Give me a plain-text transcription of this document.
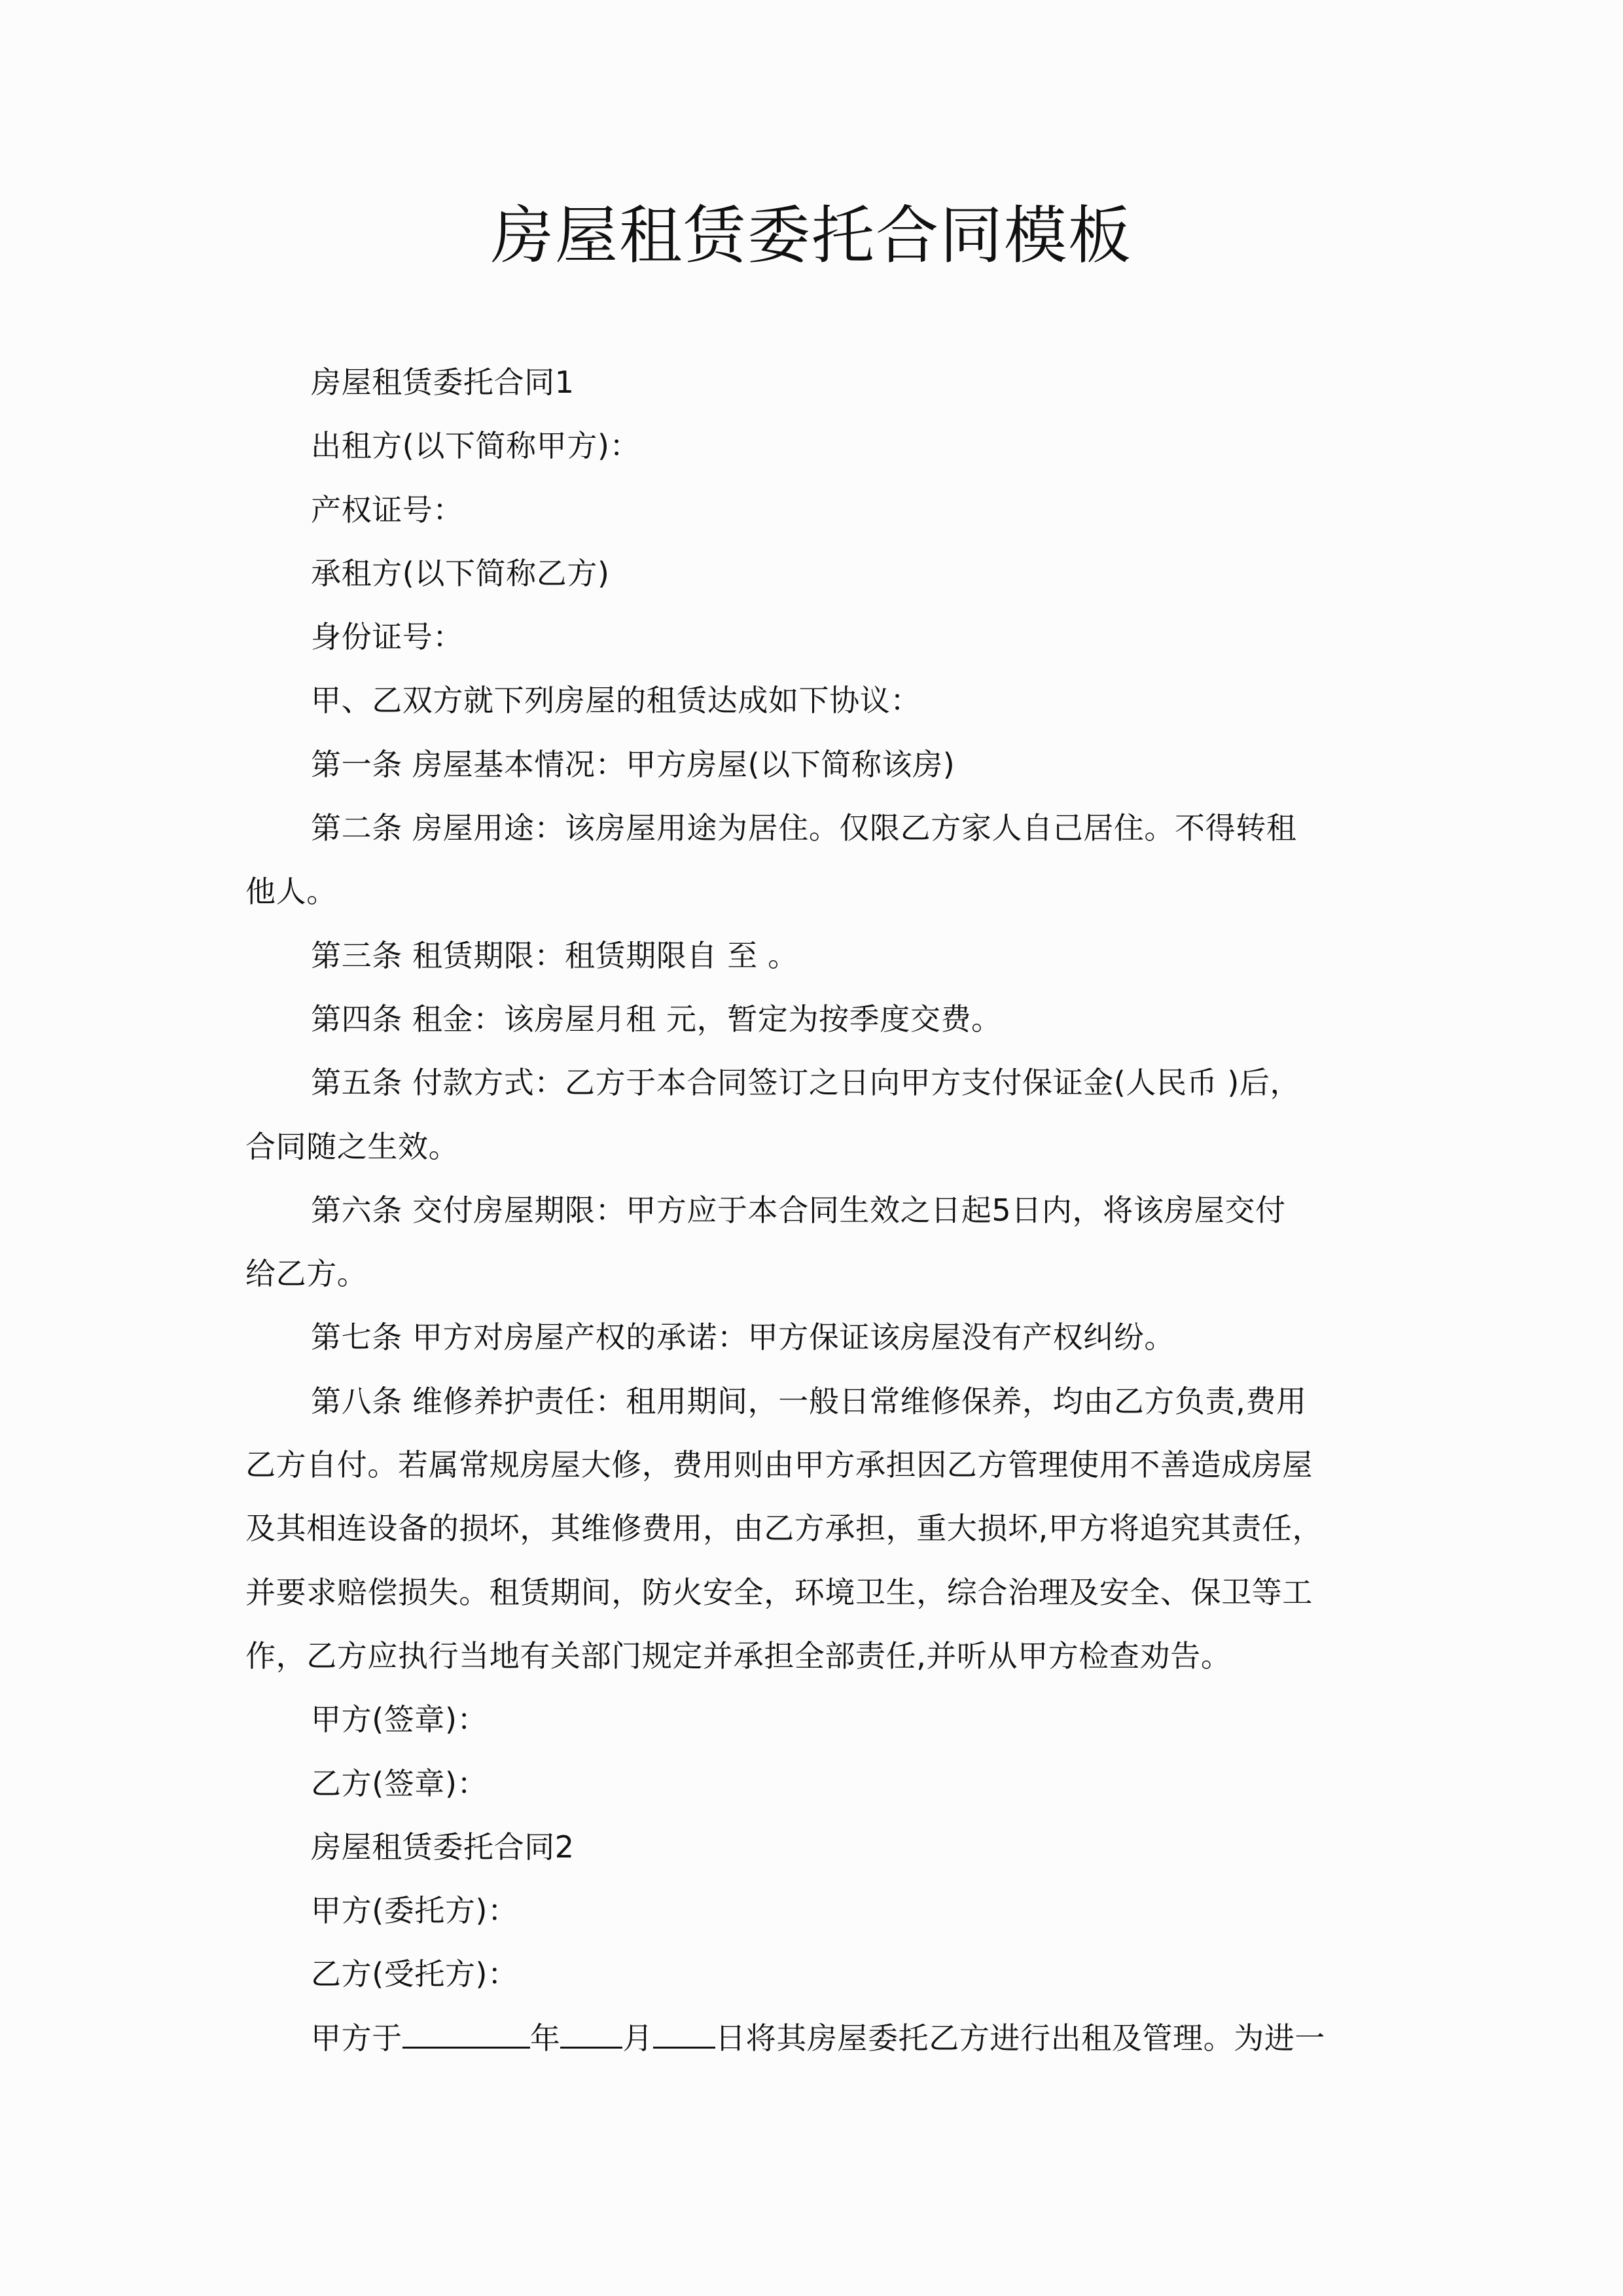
房屋租赁委托合同模板
房屋租赁委托合同1
出租方(以下简称甲方)：
产权证号：
承租方(以下简称乙方)
身份证号：
甲、乙双方就下列房屋的租赁达成如下协议：
第一条 房屋基本情况：甲方房屋(以下简称该房)
第二条 房屋用途：该房屋用途为居住。仅限乙方家人自己居住。不得转租
他人。
第三条 租赁期限：租赁期限自 至 。
第四条 租金：该房屋月租 元，暂定为按季度交费。
第五条 付款方式：乙方于本合同签订之日向甲方支付保证金(人民币 )后，
合同随之生效。
第六条 交付房屋期限：甲方应于本合同生效之日起5日内，将该房屋交付
给乙方。
第七条 甲方对房屋产权的承诺：甲方保证该房屋没有产权纠纷。
第八条 维修养护责任：租用期间，一般日常维修保养，均由乙方负责,费用
乙方自付。若属常规房屋大修，费用则由甲方承担因乙方管理使用不善造成房屋
及其相连设备的损坏，其维修费用，由乙方承担，重大损坏,甲方将追究其责任，
并要求赔偿损失。租赁期间，防火安全，环境卫生，综合治理及安全、保卫等工
作，乙方应执行当地有关部门规定并承担全部责任,并听从甲方检查劝告。
甲方(签章)：
乙方(签章)：
房屋租赁委托合同2
甲方(委托方)：
乙方(受托方)：
甲方于	年 月 日将其房屋委托乙方进行出租及管理。为进一
